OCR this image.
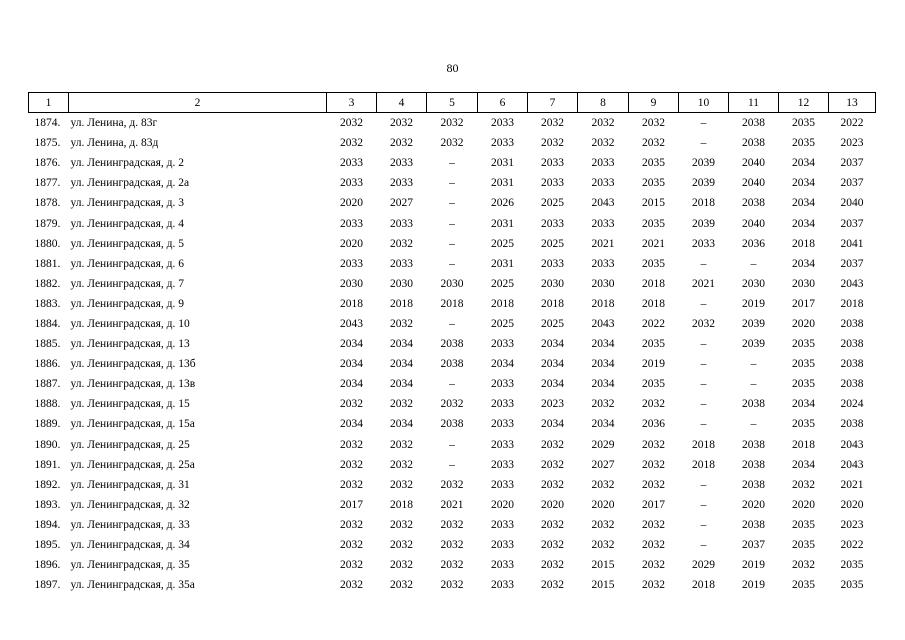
80
1	2	3	4	5	6	7	8	9	10	11	12	13
1874.	ул. Ленина, д. 83г	2032	2032	2032	2033	2032	2032	2032	–	2038	2035	2022
1875.	ул. Ленина, д. 83д	2032	2032	2032	2033	2032	2032	2032	–	2038	2035	2023
1876.	ул. Ленинградская, д. 2	2033	2033	–	2031	2033	2033	2035	2039	2040	2034	2037
1877.	ул. Ленинградская, д. 2а	2033	2033	–	2031	2033	2033	2035	2039	2040	2034	2037
1878.	ул. Ленинградская, д. 3	2020	2027	–	2026	2025	2043	2015	2018	2038	2034	2040
1879.	ул. Ленинградская, д. 4	2033	2033	–	2031	2033	2033	2035	2039	2040	2034	2037
1880.	ул. Ленинградская, д. 5	2020	2032	–	2025	2025	2021	2021	2033	2036	2018	2041
1881.	ул. Ленинградская, д. 6	2033	2033	–	2031	2033	2033	2035	–	–	2034	2037
1882.	ул. Ленинградская, д. 7	2030	2030	2030	2025	2030	2030	2018	2021	2030	2030	2043
1883.	ул. Ленинградская, д. 9	2018	2018	2018	2018	2018	2018	2018	–	2019	2017	2018
1884.	ул. Ленинградская, д. 10	2043	2032	–	2025	2025	2043	2022	2032	2039	2020	2038
1885.	ул. Ленинградская, д. 13	2034	2034	2038	2033	2034	2034	2035	–	2039	2035	2038
1886.	ул. Ленинградская, д. 13б	2034	2034	2038	2034	2034	2034	2019	–	–	2035	2038
1887.	ул. Ленинградская, д. 13в	2034	2034	–	2033	2034	2034	2035	–	–	2035	2038
1888.	ул. Ленинградская, д. 15	2032	2032	2032	2033	2023	2032	2032	–	2038	2034	2024
1889.	ул. Ленинградская, д. 15а	2034	2034	2038	2033	2034	2034	2036	–	–	2035	2038
1890.	ул. Ленинградская, д. 25	2032	2032	–	2033	2032	2029	2032	2018	2038	2018	2043
1891.	ул. Ленинградская, д. 25а	2032	2032	–	2033	2032	2027	2032	2018	2038	2034	2043
1892.	ул. Ленинградская, д. 31	2032	2032	2032	2033	2032	2032	2032	–	2038	2032	2021
1893.	ул. Ленинградская, д. 32	2017	2018	2021	2020	2020	2020	2017	–	2020	2020	2020
1894.	ул. Ленинградская, д. 33	2032	2032	2032	2033	2032	2032	2032	–	2038	2035	2023
1895.	ул. Ленинградская, д. 34	2032	2032	2032	2033	2032	2032	2032	–	2037	2035	2022
1896.	ул. Ленинградская, д. 35	2032	2032	2032	2033	2032	2015	2032	2029	2019	2032	2035
1897.	ул. Ленинградская, д. 35а	2032	2032	2032	2033	2032	2015	2032	2018	2019	2035	2035
